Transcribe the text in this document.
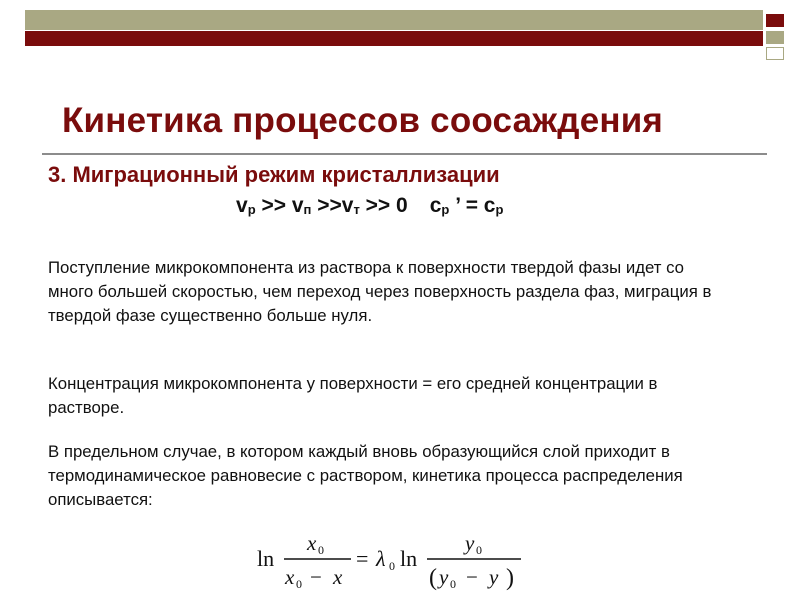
Кинетика процессов соосаждения
3. Миграционный режим кристаллизации
$v_р >> v_п >>v_т >> 0$ $c_р$ ’ = $c_р$
Поступление микрокомпонента из раствора к поверхности твердой фазы идет со много большей скоростью, чем переход через поверхность раздела фаз, миграция в твердой фазе существенно больше нуля.
Концентрация микрокомпонента у поверхности = его средней концентрации в растворе.
В предельном случае, в котором каждый вновь образующийся слой приходит в термодинамическое равновесие с раствором, кинетика процесса распределения описывается:
ln
x 0
x 0 − x
= λ 0 ln
y 0
( y 0 − y )
